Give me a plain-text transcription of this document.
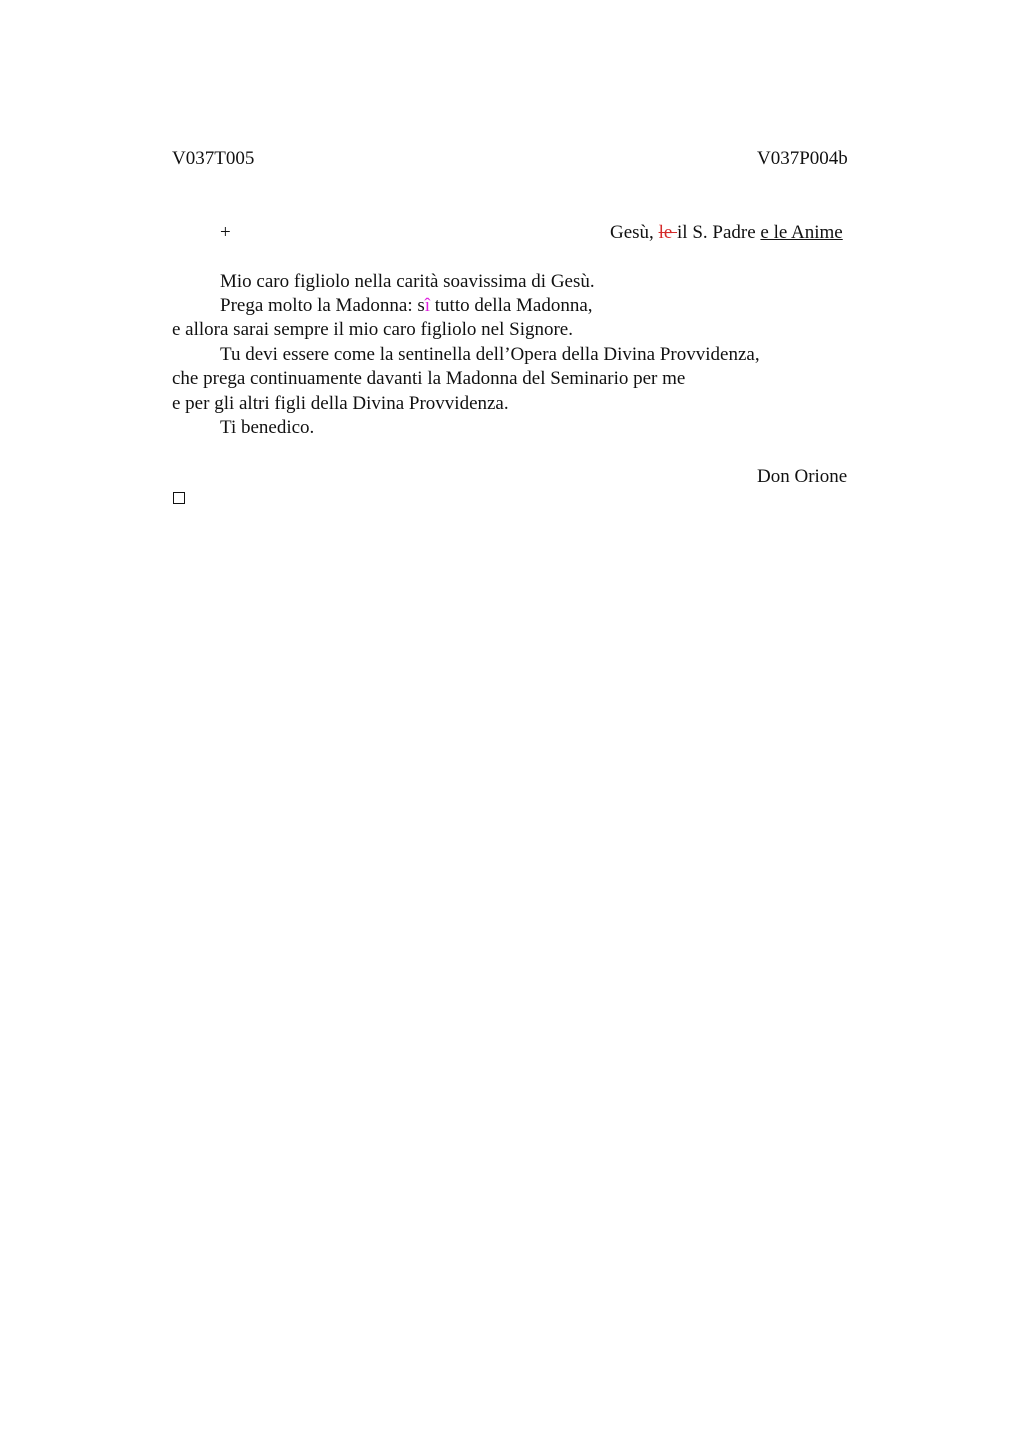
V037T005	V037P004b
+	Gesù, le il S. Padre e le Anime
Mio caro figliolo nella carità soavissima di Gesù.
Prega molto la Madonna: sî tutto della Madonna,
e allora sarai sempre il mio caro figliolo nel Signore.
Tu devi essere come la sentinella dell’Opera della Divina Provvidenza,
che prega continuamente davanti la Madonna del Seminario per me
e per gli altri figli della Divina Provvidenza.
Ti benedico.
Don Orione
